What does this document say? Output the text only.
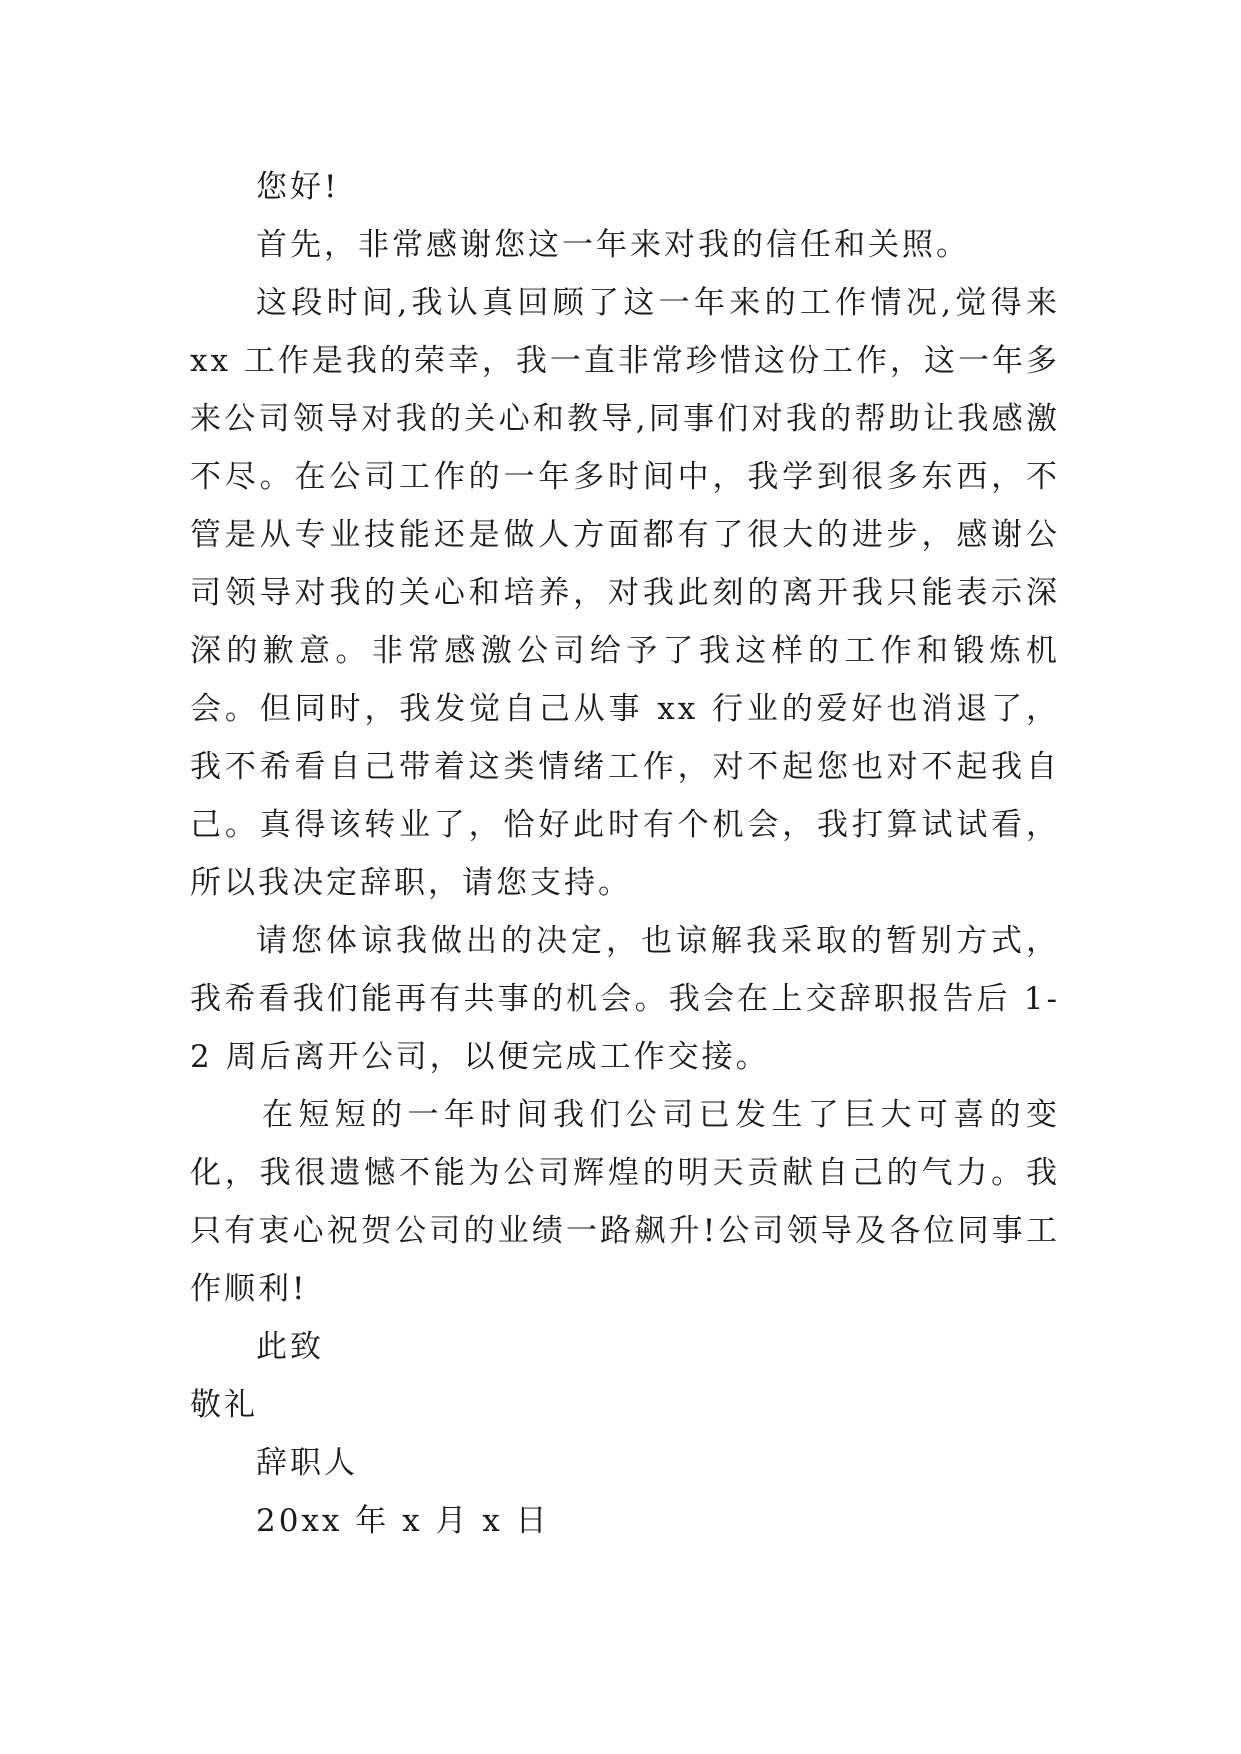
您好!

首先，非常感谢您这一年来对我的信任和关照。

这段时间,我认真回顾了这一年来的工作情况,觉得来 xx 工作是我的荣幸，我一直非常珍惜这份工作，这一年多来公司领导对我的关心和教导,同事们对我的帮助让我感激不尽。在公司工作的一年多时间中，我学到很多东西，不管是从专业技能还是做人方面都有了很大的进步，感谢公司领导对我的关心和培养，对我此刻的离开我只能表示深深的歉意。非常感激公司给予了我这样的工作和锻炼机会。但同时，我发觉自己从事 xx 行业的爱好也消退了，我不希看自己带着这类情绪工作，对不起您也对不起我自己。真得该转业了，恰好此时有个机会，我打算试试看，所以我决定辞职，请您支持。

请您体谅我做出的决定，也谅解我采取的暂别方式，我希看我们能再有共事的机会。我会在上交辞职报告后 1-2 周后离开公司，以便完成工作交接。

在短短的一年时间我们公司已发生了巨大可喜的变化，我很遗憾不能为公司辉煌的明天贡献自己的气力。我只有衷心祝贺公司的业绩一路飙升!公司领导及各位同事工作顺利!

此致

敬礼

辞职人

20xx 年 x 月 x 日
